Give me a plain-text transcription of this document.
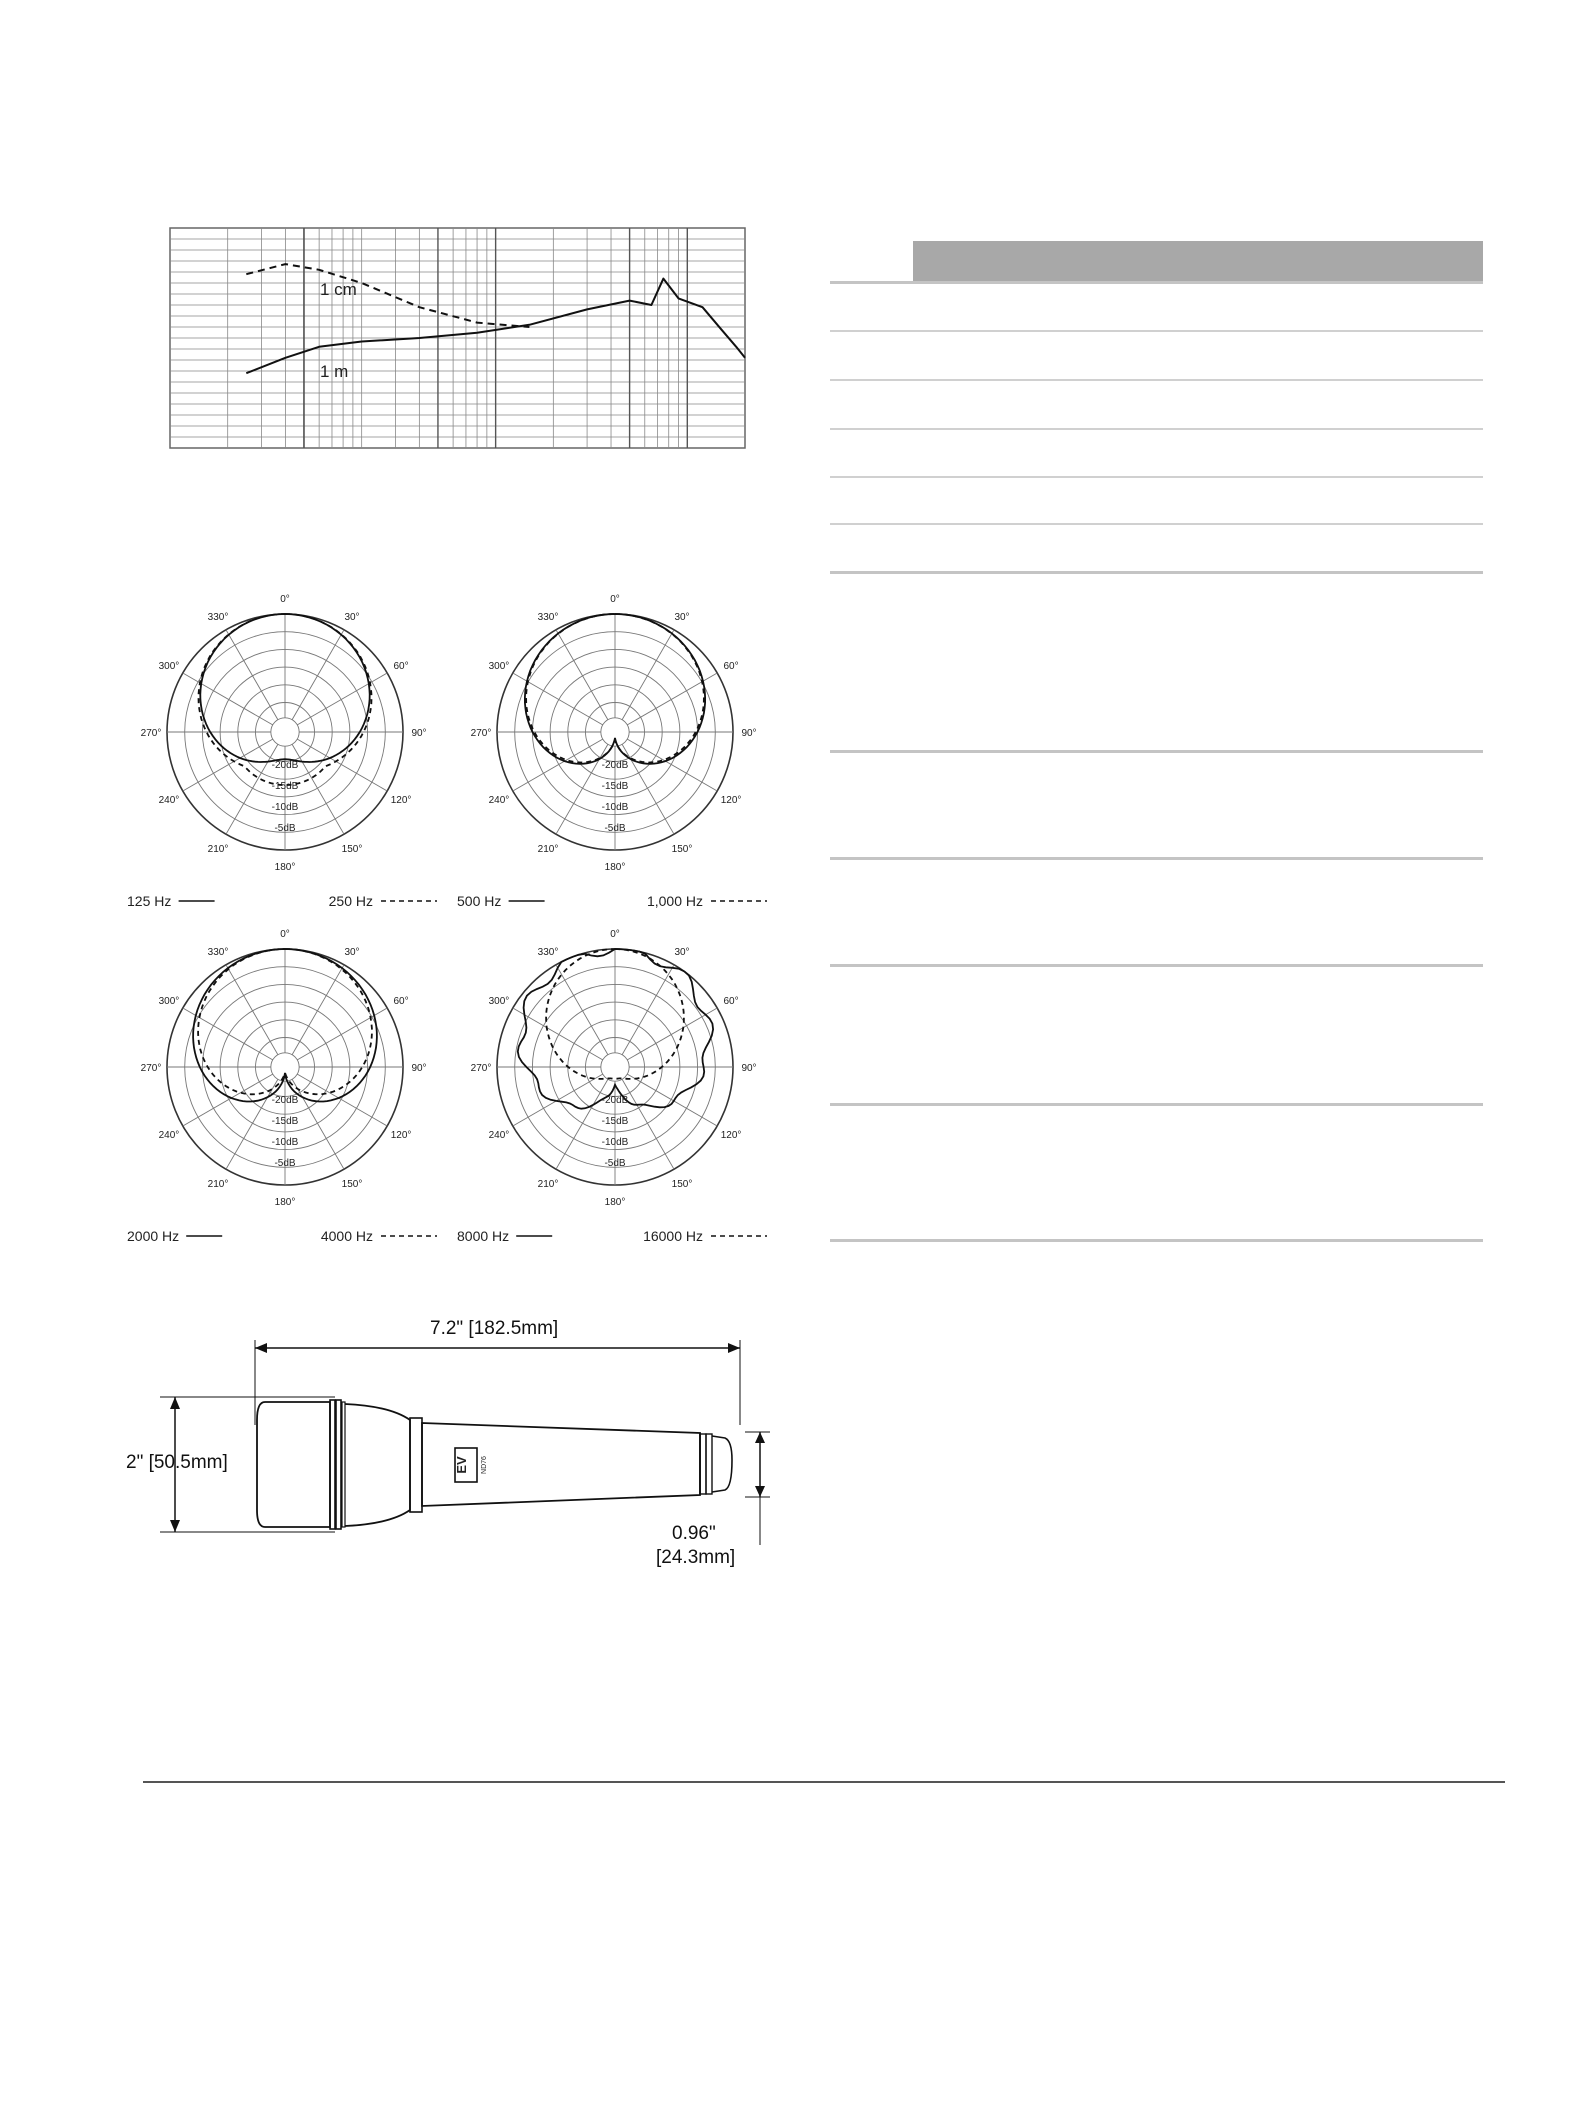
1 cm
1 m
0°
30°
60°
90°
120°
150°
180°
210°
240°
270°
300°
330°
-20dB
-15dB
-10dB
-5dB
125 Hz	250 Hz
0°
30°
60°
90°
120°
150°
180°
210°
240°
270°
300°
330°
-20dB
-15dB
-10dB
-5dB
500 Hz	1,000 Hz
0°
30°
60°
90°
120°
150°
180°
210°
240°
270°
300°
330°
-20dB
-15dB
-10dB
-5dB
2000 Hz	4000 Hz
0°
30°
60°
90°
120°
150°
180°
210°
240°
270°
300°
330°
-20dB
-15dB
-10dB
-5dB
8000 Hz	16000 Hz
EV ND76
7.2" [182.5mm]
2" [50.5mm]
0.96"
[24.3mm]
